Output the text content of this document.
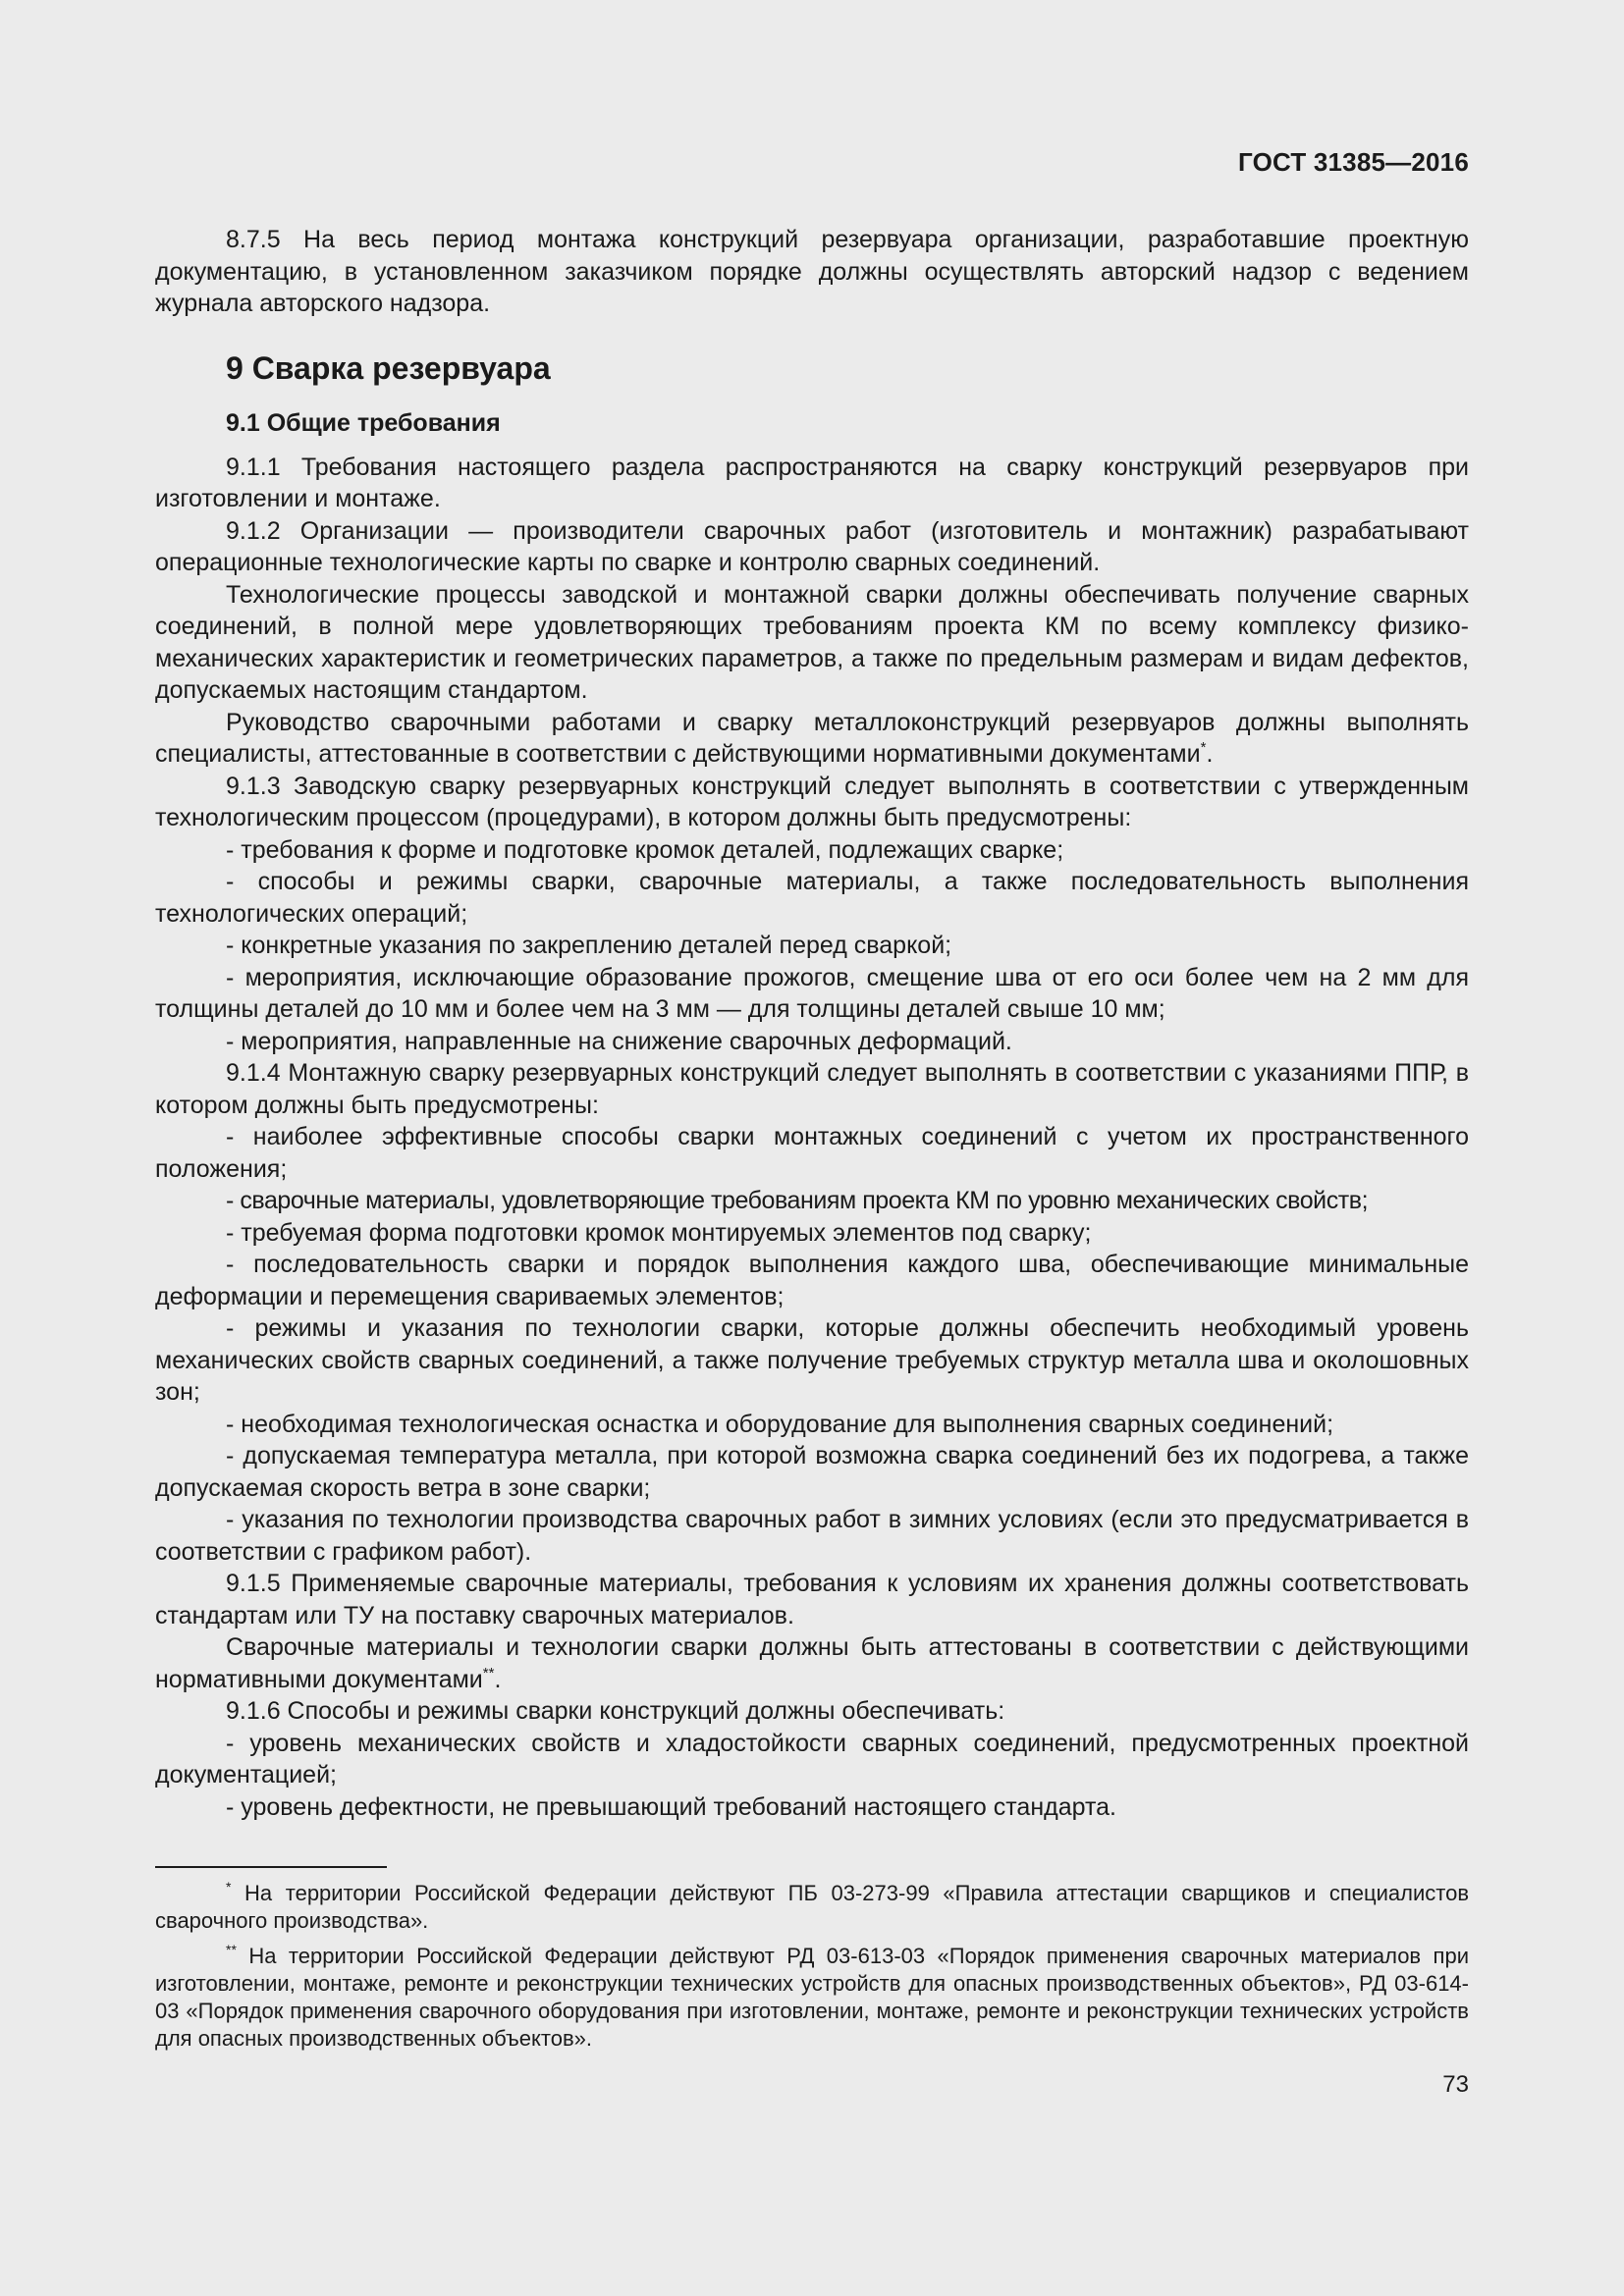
ГОСТ 31385—2016

8.7.5 На весь период монтажа конструкций резервуара организации, разработавшие проектную документацию, в установленном заказчиком порядке должны осуществлять авторский надзор с ведением журнала авторского надзора.

9 Сварка резервуара
9.1 Общие требования

9.1.1 Требования настоящего раздела распространяются на сварку конструкций резервуаров при изготовлении и монтаже.

9.1.2 Организации — производители сварочных работ (изготовитель и монтажник) разрабатывают операционные технологические карты по сварке и контролю сварных соединений.

Технологические процессы заводской и монтажной сварки должны обеспечивать получение сварных соединений, в полной мере удовлетворяющих требованиям проекта КМ по всему комплексу физико-механических характеристик и геометрических параметров, а также по предельным размерам и видам дефектов, допускаемых настоящим стандартом.

Руководство сварочными работами и сварку металлоконструкций резервуаров должны выполнять специалисты, аттестованные в соответствии с действующими нормативными документами*.

9.1.3 Заводскую сварку резервуарных конструкций следует выполнять в соответствии с утвержденным технологическим процессом (процедурами), в котором должны быть предусмотрены:

- требования к форме и подготовке кромок деталей, подлежащих сварке;

- способы и режимы сварки, сварочные материалы, а также последовательность выполнения технологических операций;

- конкретные указания по закреплению деталей перед сваркой;

- мероприятия, исключающие образование прожогов, смещение шва от его оси более чем на 2 мм для толщины деталей до 10 мм и более чем на 3 мм — для толщины деталей свыше 10 мм;

- мероприятия, направленные на снижение сварочных деформаций.

9.1.4 Монтажную сварку резервуарных конструкций следует выполнять в соответствии с указаниями ППР, в котором должны быть предусмотрены:

- наиболее эффективные способы сварки монтажных соединений с учетом их пространственного положения;

- сварочные материалы, удовлетворяющие требованиям проекта КМ по уровню механических свойств;

- требуемая форма подготовки кромок монтируемых элементов под сварку;

- последовательность сварки и порядок выполнения каждого шва, обеспечивающие минимальные деформации и перемещения свариваемых элементов;

- режимы и указания по технологии сварки, которые должны обеспечить необходимый уровень механических свойств сварных соединений, а также получение требуемых структур металла шва и околошовных зон;

- необходимая технологическая оснастка и оборудование для выполнения сварных соединений;

- допускаемая температура металла, при которой возможна сварка соединений без их подогрева, а также допускаемая скорость ветра в зоне сварки;

- указания по технологии производства сварочных работ в зимних условиях (если это предусматривается в соответствии с графиком работ).

9.1.5 Применяемые сварочные материалы, требования к условиям их хранения должны соответствовать стандартам или ТУ на поставку сварочных материалов.

Сварочные материалы и технологии сварки должны быть аттестованы в соответствии с действующими нормативными документами**.

9.1.6 Способы и режимы сварки конструкций должны обеспечивать:

- уровень механических свойств и хладостойкости сварных соединений, предусмотренных проектной документацией;

- уровень дефектности, не превышающий требований настоящего стандарта.

* На территории Российской Федерации действуют ПБ 03-273-99 «Правила аттестации сварщиков и специалистов сварочного производства».

** На территории Российской Федерации действуют РД 03-613-03 «Порядок применения сварочных материалов при изготовлении, монтаже, ремонте и реконструкции технических устройств для опасных производственных объектов», РД 03-614-03 «Порядок применения сварочного оборудования при изготовлении, монтаже, ремонте и реконструкции технических устройств для опасных производственных объектов».

73
